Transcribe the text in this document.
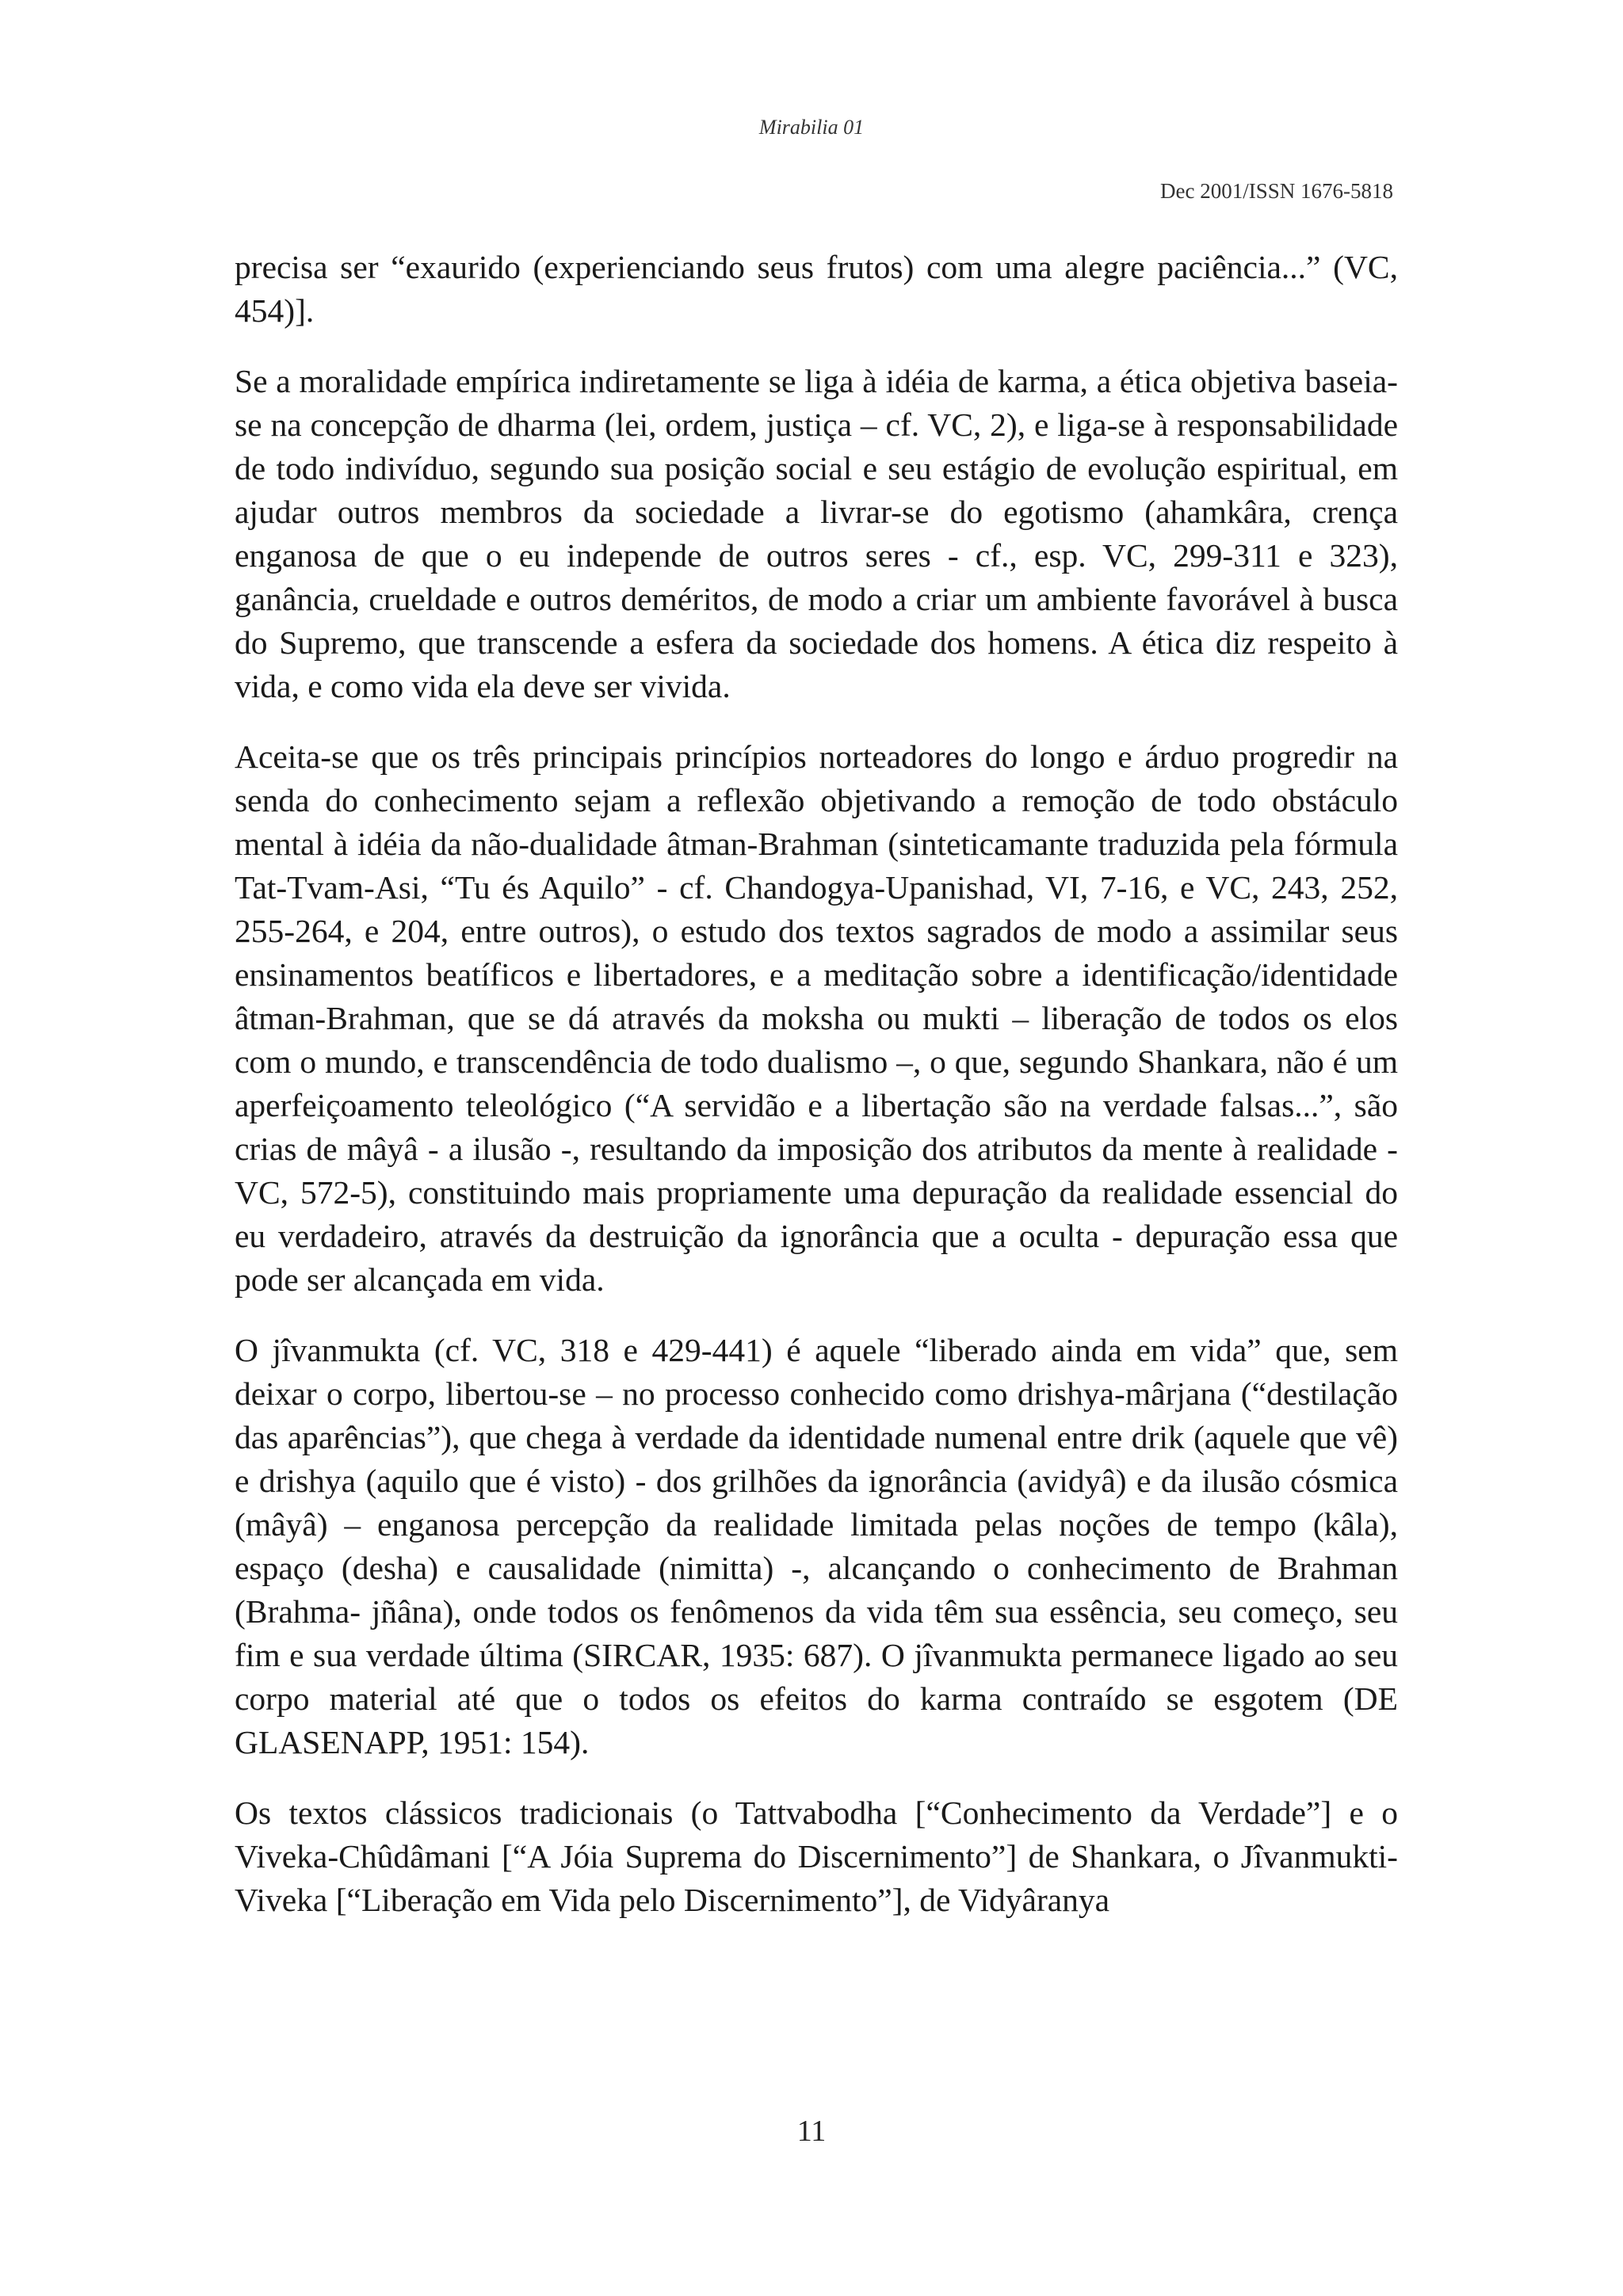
Mirabilia 01
Dec 2001/ISSN 1676-5818

precisa ser “exaurido (experienciando seus frutos) com uma alegre paciência...” (VC, 454)].

Se a moralidade empírica indiretamente se liga à idéia de karma, a ética objetiva baseia-se na concepção de dharma (lei, ordem, justiça – cf. VC, 2), e liga-se à responsabilidade de todo indivíduo, segundo sua posição social e seu estágio de evolução espiritual, em ajudar outros membros da sociedade a livrar-se do egotismo (ahamkâra, crença enganosa de que o eu independe de outros seres - cf., esp. VC, 299-311 e 323), ganância, crueldade e outros deméritos, de modo a criar um ambiente favorável à busca do Supremo, que transcende a esfera da sociedade dos homens. A ética diz respeito à vida, e como vida ela deve ser vivida.

Aceita-se que os três principais princípios norteadores do longo e árduo progredir na senda do conhecimento sejam a reflexão objetivando a remoção de todo obstáculo mental à idéia da não-dualidade âtman-Brahman (sinteticamante traduzida pela fórmula Tat-Tvam-Asi, “Tu és Aquilo” - cf. Chandogya-Upanishad, VI, 7-16, e VC, 243, 252, 255-264, e 204, entre outros), o estudo dos textos sagrados de modo a assimilar seus ensinamentos beatíficos e libertadores, e a meditação sobre a identificação/identidade âtman-Brahman, que se dá através da moksha ou mukti – liberação de todos os elos com o mundo, e transcendência de todo dualismo –, o que, segundo Shankara, não é um aperfeiçoamento teleológico (“A servidão e a libertação são na verdade falsas...”, são crias de mâyâ - a ilusão -, resultando da imposição dos atributos da mente à realidade - VC, 572-5), constituindo mais propriamente uma depuração da realidade essencial do eu verdadeiro, através da destruição da ignorância que a oculta - depuração essa que pode ser alcançada em vida.

O jîvanmukta (cf. VC, 318 e 429-441) é aquele “liberado ainda em vida” que, sem deixar o corpo, libertou-se – no processo conhecido como drishya-mârjana (“destilação das aparências”), que chega à verdade da identidade numenal entre drik (aquele que vê) e drishya (aquilo que é visto) - dos grilhões da ignorância (avidyâ) e da ilusão cósmica (mâyâ) – enganosa percepção da realidade limitada pelas noções de tempo (kâla), espaço (desha) e causalidade (nimitta) -, alcançando o conhecimento de Brahman (Brahma- jñâna), onde todos os fenômenos da vida têm sua essência, seu começo, seu fim e sua verdade última (SIRCAR, 1935: 687). O jîvanmukta permanece ligado ao seu corpo material até que o todos os efeitos do karma contraído se esgotem (DE GLASENAPP, 1951: 154).

Os textos clássicos tradicionais (o Tattvabodha [“Conhecimento da Verdade”] e o Viveka-Chûdâmani [“A Jóia Suprema do Discernimento”] de Shankara, o Jîvanmukti-Viveka [“Liberação em Vida pelo Discernimento”], de Vidyâranya

11
